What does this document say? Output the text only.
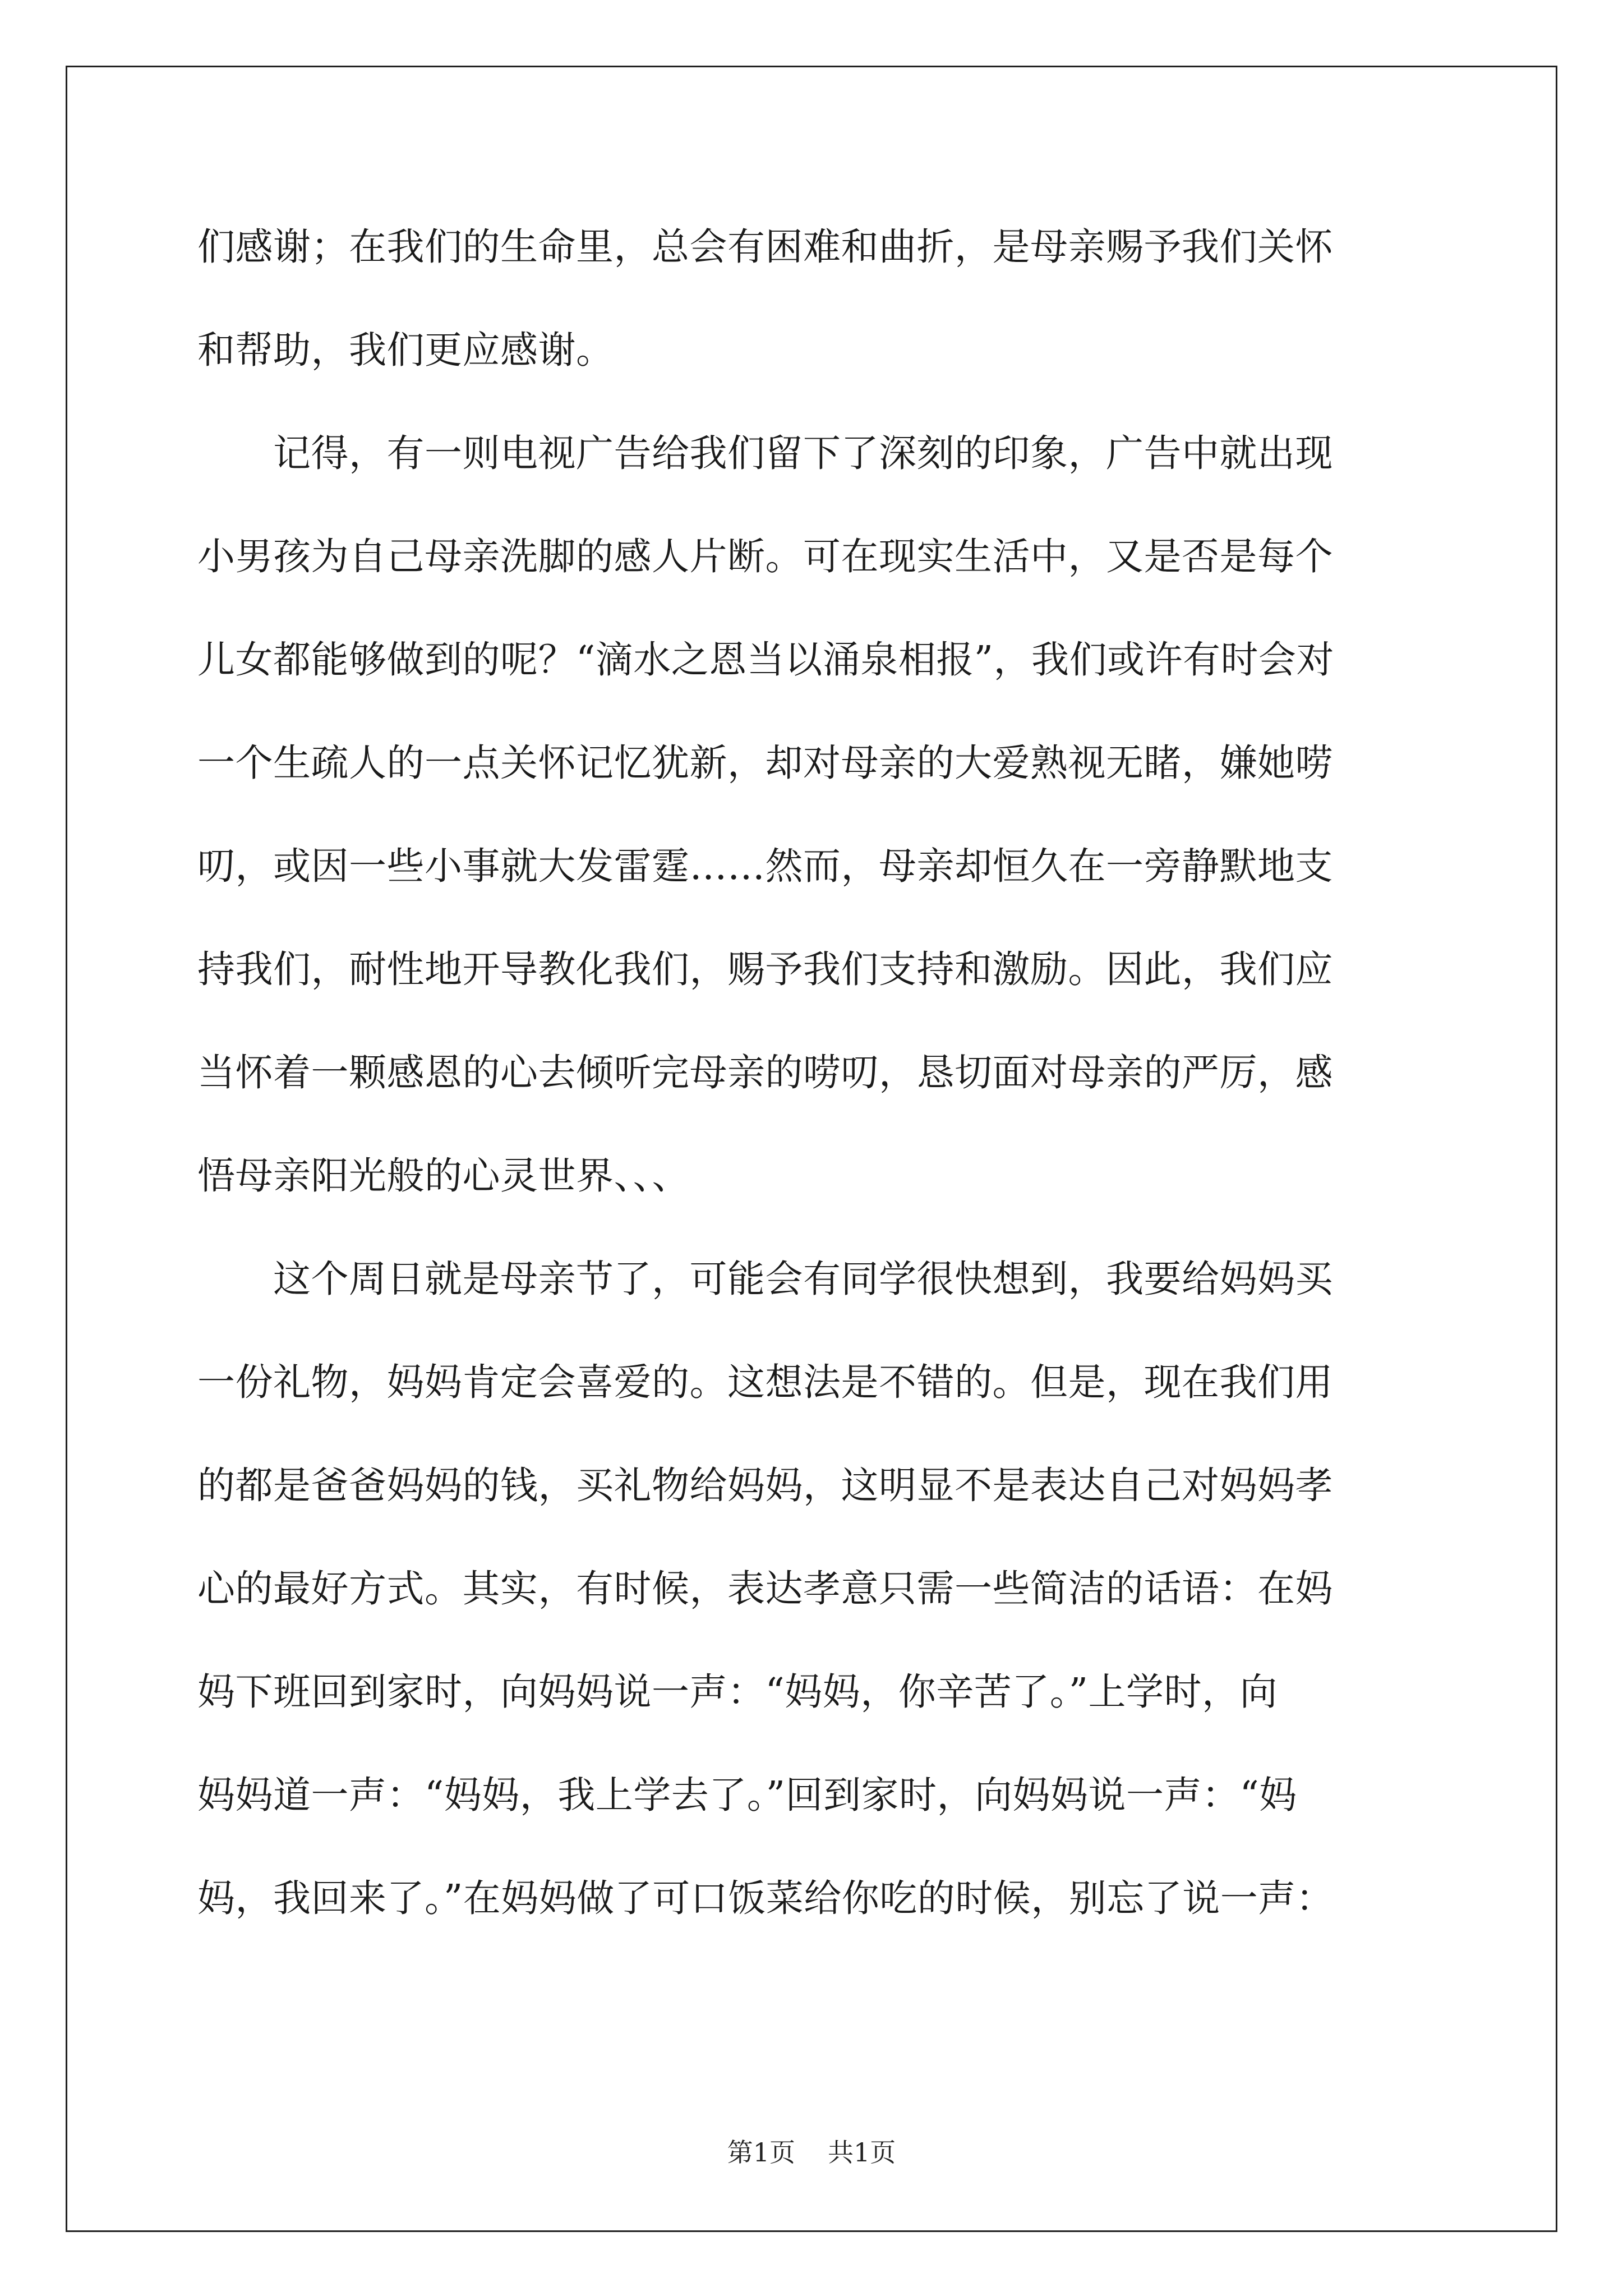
们感谢；在我们的生命里，总会有困难和曲折，是母亲赐予我们关怀
和帮助，我们更应感谢。
　　记得，有一则电视广告给我们留下了深刻的印象，广告中就出现
小男孩为自己母亲洗脚的感人片断。可在现实生活中，又是否是每个
儿女都能够做到的呢？“滴水之恩当以涌泉相报”，我们或许有时会对
一个生疏人的一点关怀记忆犹新，却对母亲的大爱熟视无睹，嫌她唠
叨，或因一些小事就大发雷霆……然而，母亲却恒久在一旁静默地支
持我们，耐性地开导教化我们，赐予我们支持和激励。因此，我们应
当怀着一颗感恩的心去倾听完母亲的唠叨，恳切面对母亲的严厉，感
悟母亲阳光般的心灵世界、、、
　　这个周日就是母亲节了，可能会有同学很快想到，我要给妈妈买
一份礼物，妈妈肯定会喜爱的。这想法是不错的。但是，现在我们用
的都是爸爸妈妈的钱，买礼物给妈妈，这明显不是表达自己对妈妈孝
心的最好方式。其实，有时候，表达孝意只需一些简洁的话语：在妈
妈下班回到家时，向妈妈说一声：“妈妈，你辛苦了。”上学时，向
妈妈道一声：“妈妈，我上学去了。”回到家时，向妈妈说一声：“妈
妈，我回来了。”在妈妈做了可口饭菜给你吃的时候，别忘了说一声：
第1页 共1页
